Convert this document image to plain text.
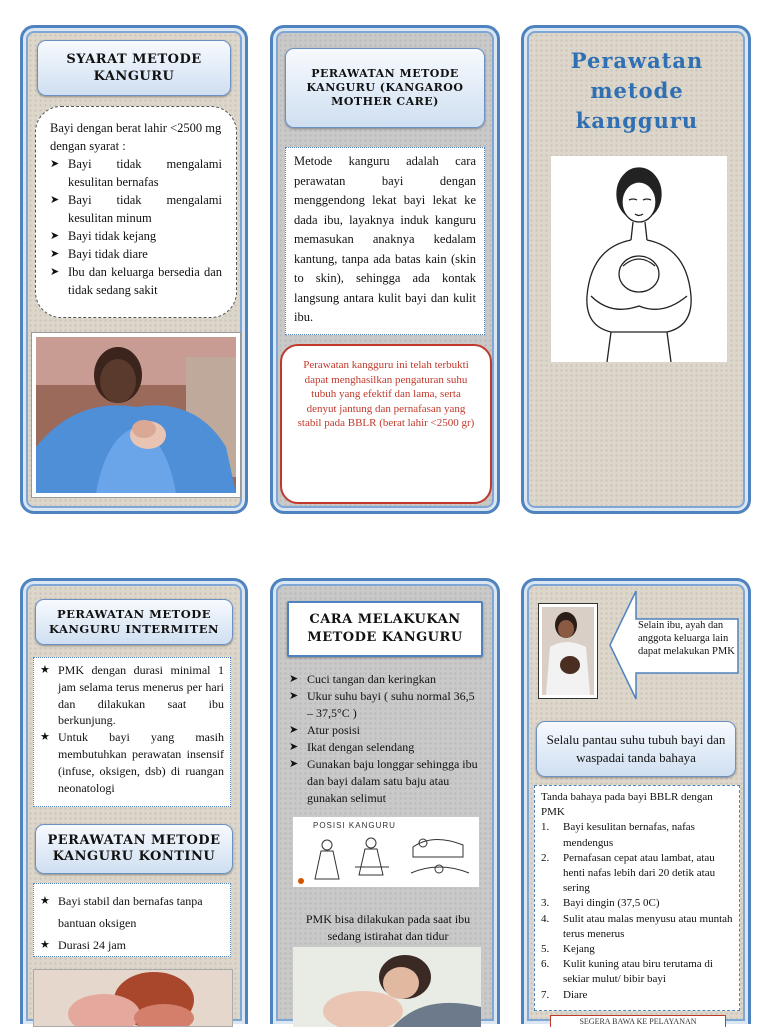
SYARAT METODE KANGURU
Bayi dengan berat lahir <2500 mg dengan syarat :
➤ Bayi tidak mengalami kesulitan bernafas
➤ Bayi tidak mengalami kesulitan minum
➤ Bayi tidak kejang
➤ Bayi tidak diare
➤ Ibu dan keluarga bersedia dan tidak sedang sakit
PERAWATAN METODE KANGURU (KANGAROO MOTHER CARE)
Metode kanguru adalah cara perawatan bayi dengan menggendong lekat bayi lekat ke dada ibu, layaknya induk kanguru memasukan anaknya kedalam kantung, tanpa ada batas kain (skin to skin), sehingga ada kontak langsung antara kulit bayi dan kulit ibu.
Perawatan kangguru ini telah terbukti dapat menghasilkan pengaturan suhu tubuh yang efektif dan lama, serta denyut jantung dan pernafasan yang stabil pada BBLR (berat lahir <2500 gr)
Perawatan metode kangguru
PERAWATAN METODE KANGURU INTERMITEN
★ PMK dengan durasi minimal 1 jam selama terus menerus per hari dan dilakukan saat ibu berkunjung.
★ Untuk bayi yang masih membutuhkan perawatan insensif (infuse, oksigen, dsb) di ruangan neonatologi
PERAWATAN METODE KANGURU KONTINU
★ Bayi stabil dan bernafas tanpa bantuan oksigen
★ Durasi 24 jam
CARA MELAKUKAN METODE KANGURU
➤ Cuci tangan dan keringkan
➤ Ukur suhu bayi ( suhu normal 36,5 – 37,5°C )
➤ Atur posisi
➤ Ikat dengan selendang
➤ Gunakan baju longgar sehingga ibu dan bayi dalam satu baju atau gunakan selimut
POSISI KANGURU
PMK bisa dilakukan pada saat ibu sedang istirahat dan tidur
Selain ibu, ayah dan anggota keluarga lain dapat melakukan PMK
Selalu pantau suhu tubuh bayi dan waspadai tanda bahaya
Tanda bahaya pada bayi BBLR dengan PMK
Bayi kesulitan bernafas, nafas mendengus
Pernafasan cepat atau lambat, atau henti nafas lebih dari 20 detik atau sering
Bayi dingin (37,5 0C)
Sulit atau malas menyusu atau muntah terus menerus
Kejang
Kulit kuning atau biru terutama di sekiar mulut/ bibir bayi
Diare
SEGERA BAWA KE PELAYANAN
